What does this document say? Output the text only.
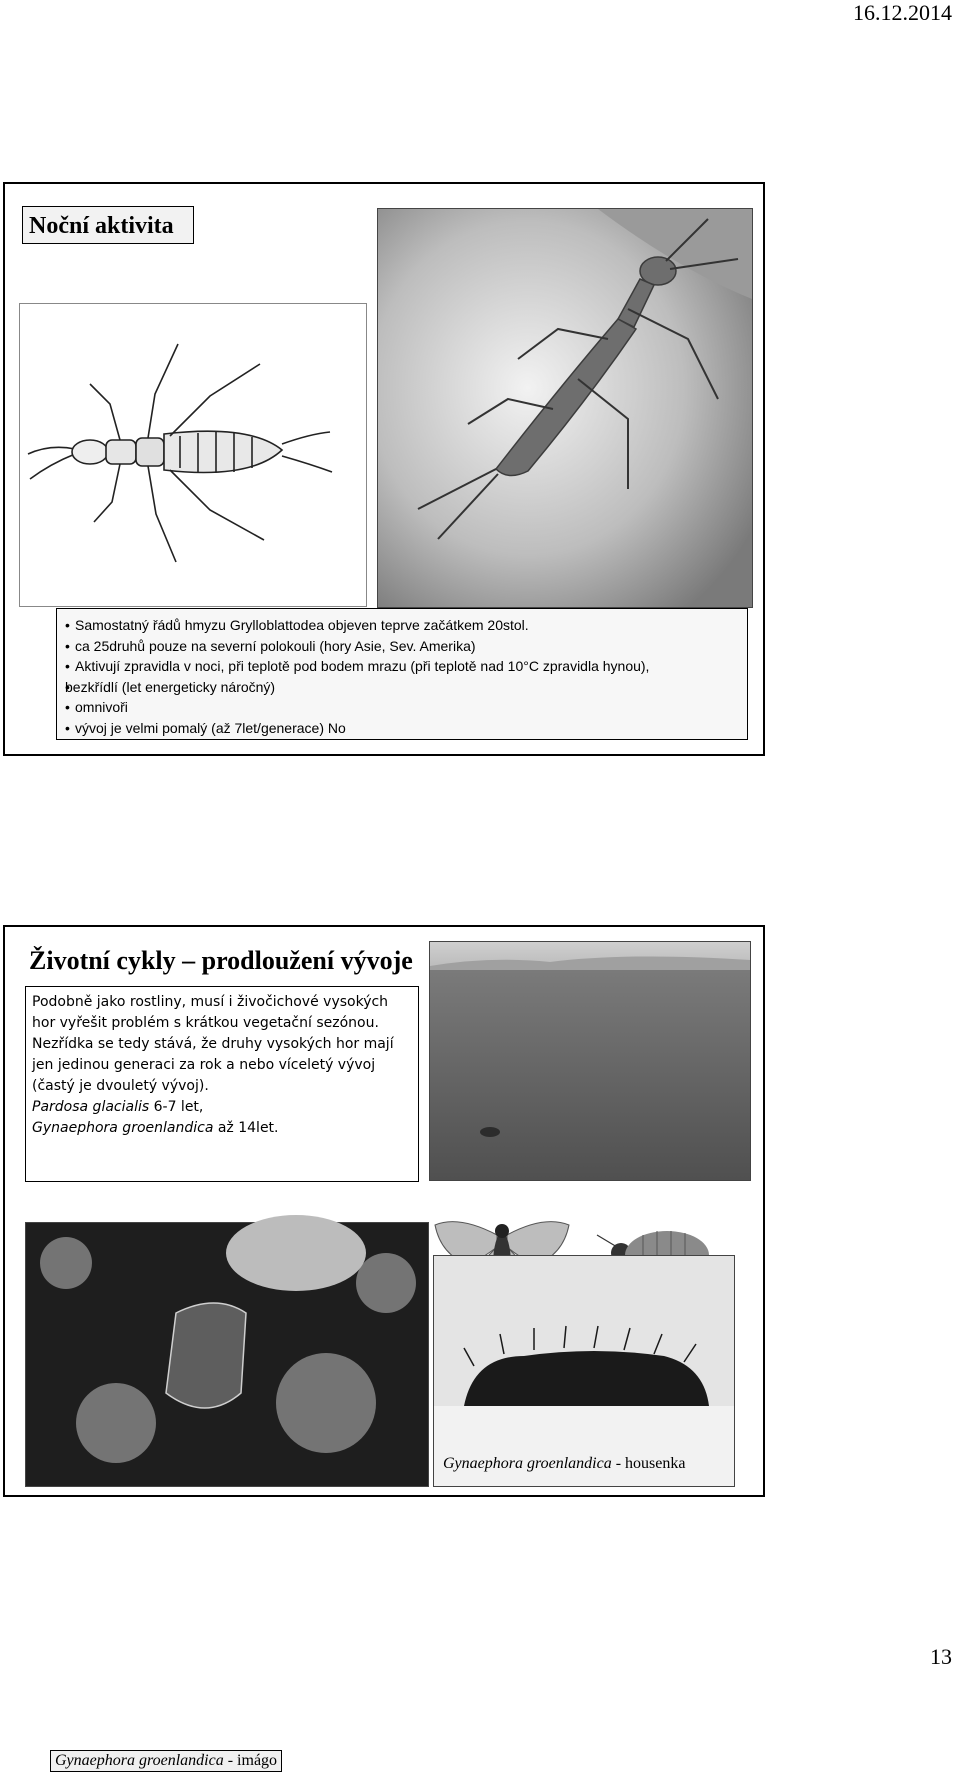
16.12.2014
Noční aktivita
• Samostatný řádů hmyzu Grylloblattodea objeven teprve začátkem 20stol.
• ca 25druhů pouze na severní polokouli (hory Asie, Sev. Amerika)
• Aktivují zpravidla v noci, při teplotě pod bodem mrazu (při teplotě nad 10°C zpravidla hynou),
• bezkřídlí (let energeticky náročný)
• omnivoři
• vývoj je velmi pomalý (až 7let/generace) No
Životní cykly – prodloužení vývoje

Podobně jako rostliny, musí i živočichové vysokých hor vyřešit problém s krátkou vegetační sezónou. Nezřídka se tedy stává, že druhy vysokých hor mají jen jedinou generaci za rok a nebo víceletý vývoj (častý je dvouletý vývoj).

Pardosa glacialis 6-7 let,

Gynaephora groenlandica až 14let.

Gynaephora groenlandica - imágo
Gynaephora groenlandica - housenka
13
